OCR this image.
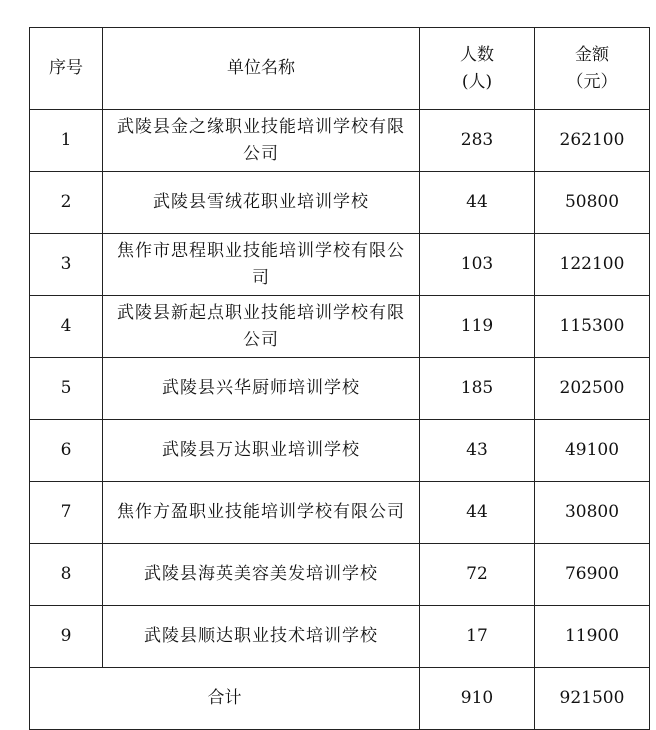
序号	单位名称	人数(人)	金额（元）
1	武陵县金之缘职业技能培训学校有限公司	283	262100
2	武陵县雪绒花职业培训学校	44	50800
3	焦作市思程职业技能培训学校有限公司	103	122100
4	武陵县新起点职业技能培训学校有限公司	119	115300
5	武陵县兴华厨师培训学校	185	202500
6	武陵县万达职业培训学校	43	49100
7	焦作方盈职业技能培训学校有限公司	44	30800
8	武陵县海英美容美发培训学校	72	76900
9	武陵县顺达职业技术培训学校	17	11900
合计		910	921500
